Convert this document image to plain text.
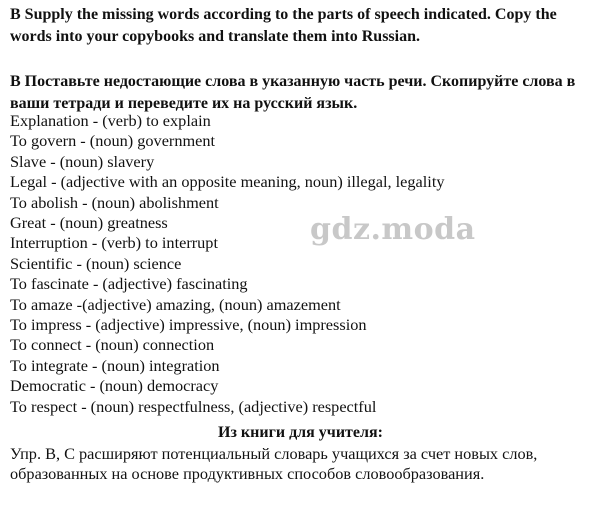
B Supply the missing words according to the parts of speech indicated. Copy the words into your copybooks and translate them into Russian.

В Поставьте недостающие слова в указанную часть речи. Скопируйте слова в ваши тетради и переведите их на русский язык.

Explanation - (verb) to explain
To govern - (noun) government
Slave - (noun) slavery
Legal - (adjective with an opposite meaning, noun) illegal, legality
To abolish - (noun) abolishment
Great - (noun) greatness
Interruption - (verb) to interrupt
Scientific - (noun) science
To fascinate - (adjective) fascinating
To amaze -(adjective) amazing, (noun) amazement
To impress - (adjective) impressive, (noun) impression
To connect - (noun) connection
To integrate - (noun) integration
Democratic - (noun) democracy
To respect - (noun) respectfulness, (adjective) respectful
Из книги для учителя:

Упр. В, С расширяют потенциальный словарь учащихся за счет новых слов, образованных на основе продуктивных способов словообразования.

gdz.moda
